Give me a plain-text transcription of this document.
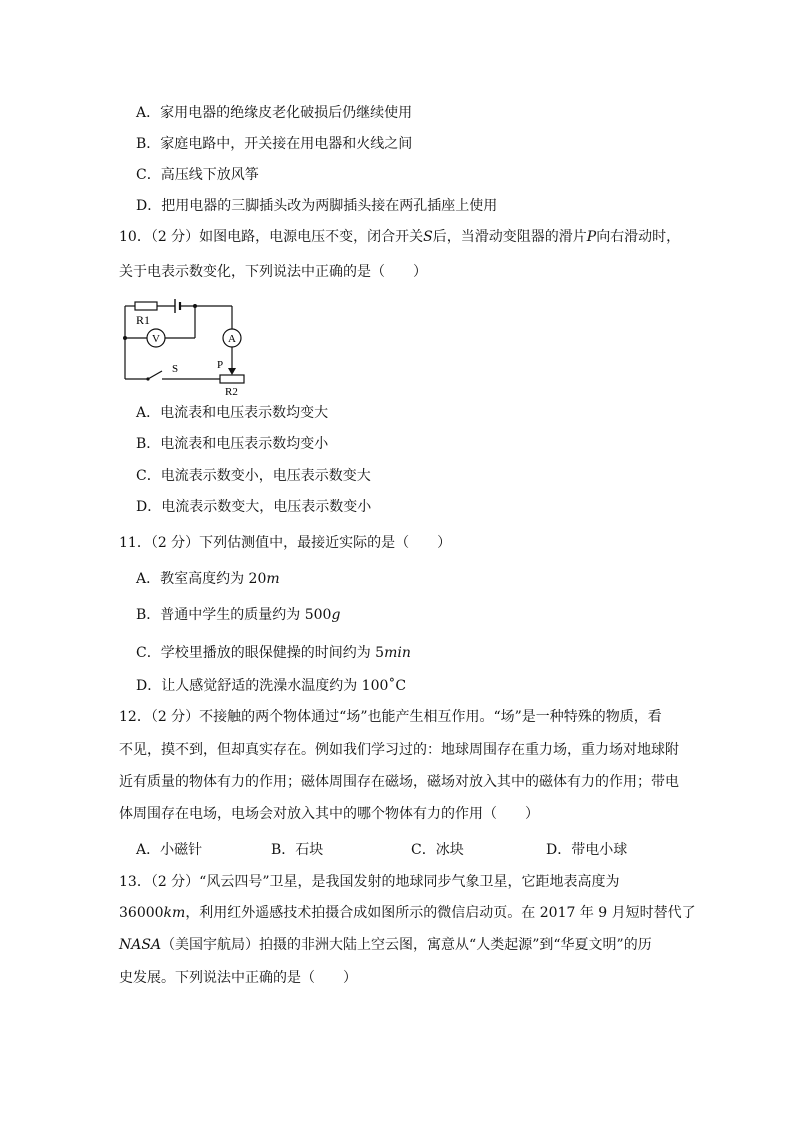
A．家用电器的绝缘皮老化破损后仍继续使用
B．家庭电路中，开关接在用电器和火线之间
C．高压线下放风筝
D．把用电器的三脚插头改为两脚插头接在两孔插座上使用
10．（2 分）如图电路，电源电压不变，闭合开关S后，当滑动变阻器的滑片P向右滑动时，
关于电表示数变化，下列说法中正确的是（　　）
R1
V	A
S	P
R2
A．电流表和电压表示数均变大
B．电流表和电压表示数均变小
C．电流表示数变小，电压表示数变大
D．电流表示数变大，电压表示数变小
11．（2 分）下列估测值中，最接近实际的是（　　）
A．教室高度约为 20m
B．普通中学生的质量约为 500g
C．学校里播放的眼保健操的时间约为 5min
D．让人感觉舒适的洗澡水温度约为 100˚C
12．（2 分）不接触的两个物体通过“场”也能产生相互作用。“场”是一种特殊的物质，看
不见，摸不到，但却真实存在。例如我们学习过的：地球周围存在重力场，重力场对地球附
近有质量的物体有力的作用；磁体周围存在磁场，磁场对放入其中的磁体有力的作用；带电
体周围存在电场，电场会对放入其中的哪个物体有力的作用（　　）
A．小磁针	B．石块	C．冰块	D．带电小球
13．（2 分）“风云四号”卫星，是我国发射的地球同步气象卫星，它距地表高度为
36000km，利用红外遥感技术拍摄合成如图所示的微信启动页。在 2017 年 9 月短时替代了
NASA（美国宇航局）拍摄的非洲大陆上空云图，寓意从“人类起源”到“华夏文明”的历
史发展。下列说法中正确的是（　　）
